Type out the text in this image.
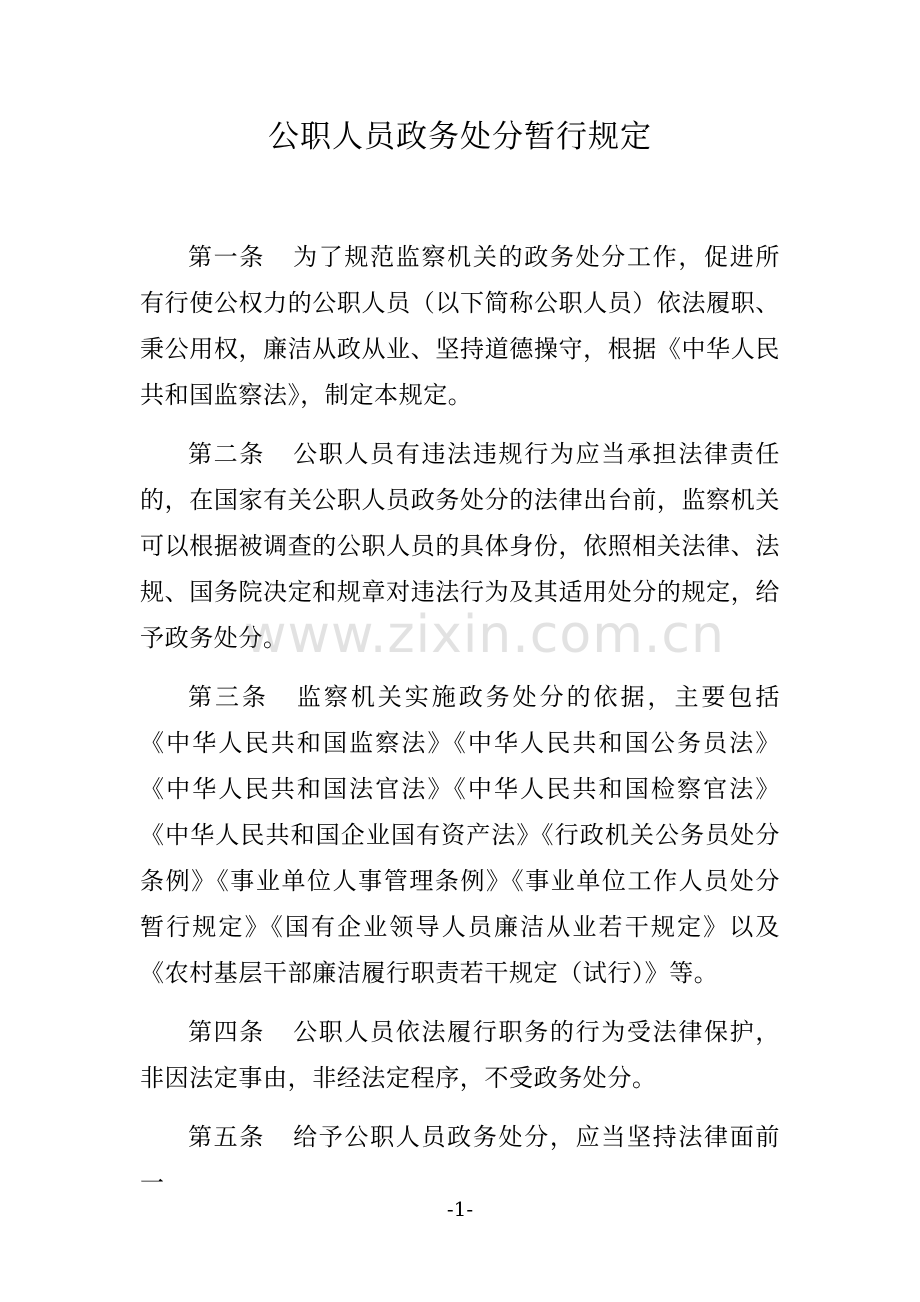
公职人员政务处分暂行规定

第一条 为了规范监察机关的政务处分工作，促进所有行使公权力的公职人员（以下简称公职人员）依法履职、秉公用权，廉洁从政从业、坚持道德操守，根据《中华人民共和国监察法》，制定本规定。

第二条 公职人员有违法违规行为应当承担法律责任的，在国家有关公职人员政务处分的法律出台前，监察机关可以根据被调查的公职人员的具体身份，依照相关法律、法规、国务院决定和规章对违法行为及其适用处分的规定，给予政务处分。

第三条 监察机关实施政务处分的依据，主要包括《中华人民共和国监察法》《中华人民共和国公务员法》《中华人民共和国法官法》《中华人民共和国检察官法》《中华人民共和国企业国有资产法》《行政机关公务员处分条例》《事业单位人事管理条例》《事业单位工作人员处分暂行规定》《国有企业领导人员廉洁从业若干规定》以及《农村基层干部廉洁履行职责若干规定（试行）》等。

第四条 公职人员依法履行职务的行为受法律保护，非因法定事由，非经法定程序，不受政务处分。

第五条 给予公职人员政务处分，应当坚持法律面前一

www.zixin.com.cn
-1-
